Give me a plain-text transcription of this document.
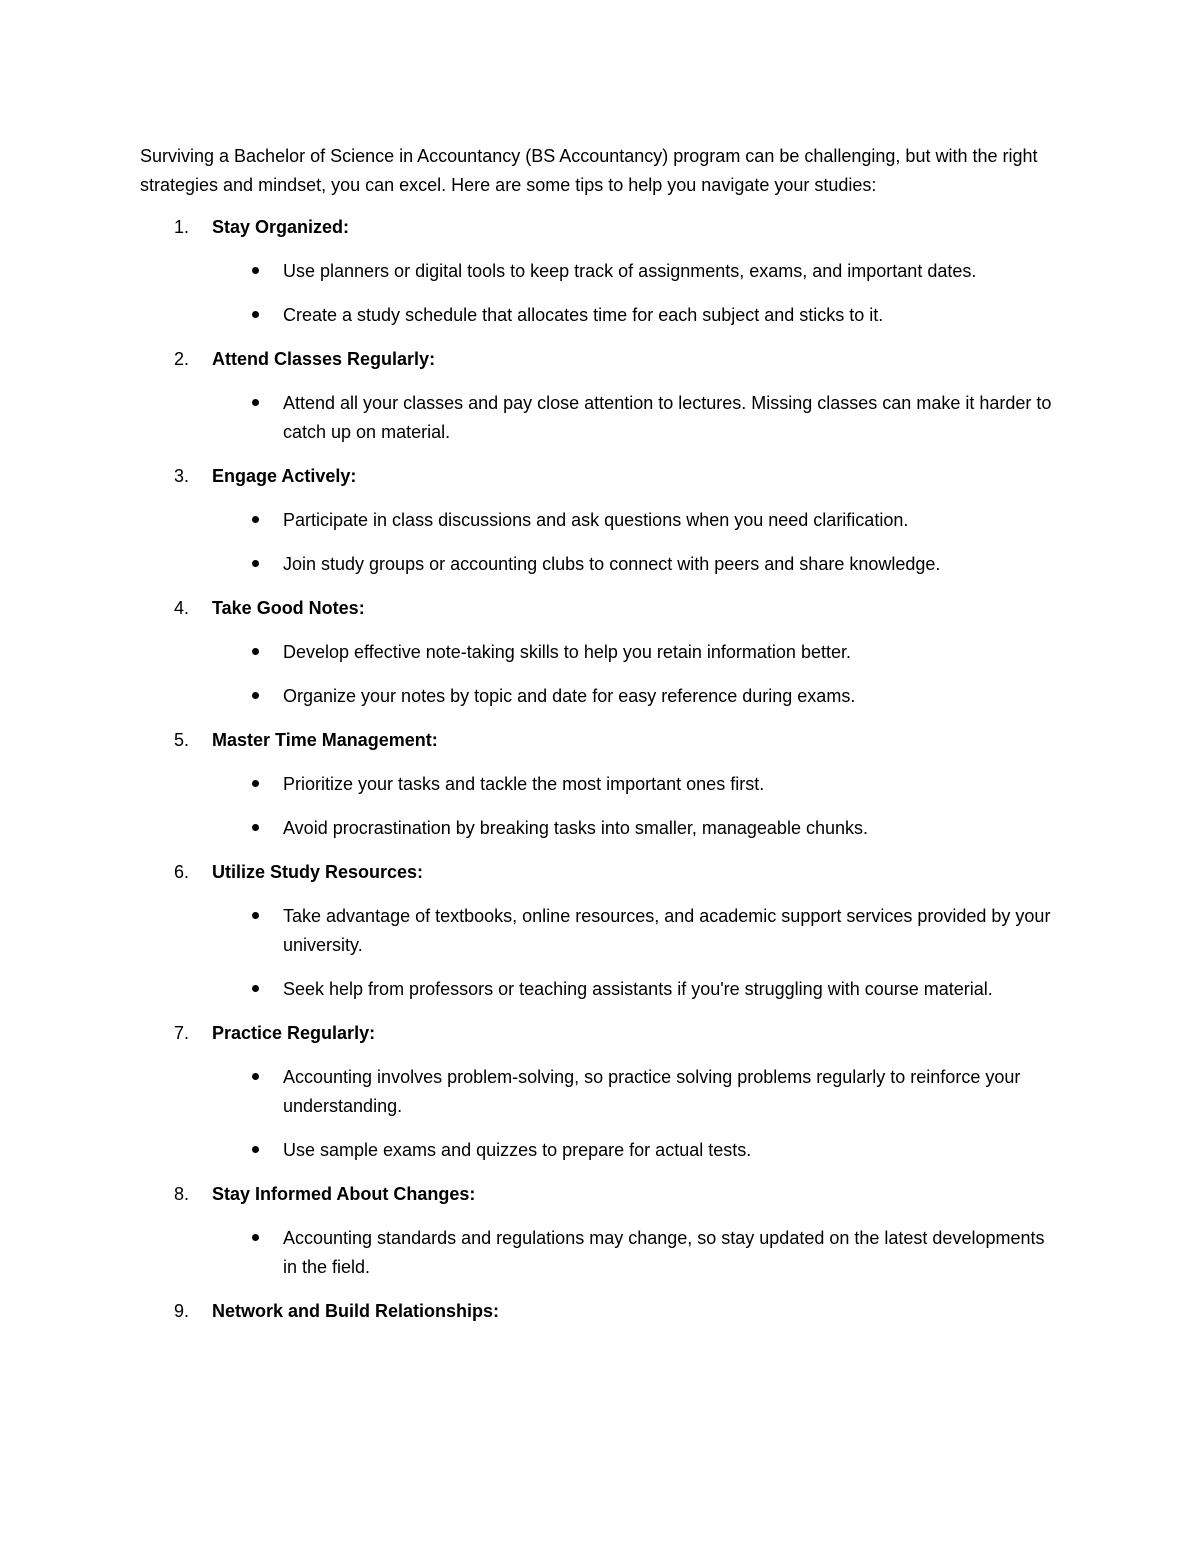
Surviving a Bachelor of Science in Accountancy (BS Accountancy) program can be challenging, but with the right strategies and mindset, you can excel. Here are some tips to help you navigate your studies:

1.	Stay Organized:
Use planners or digital tools to keep track of assignments, exams, and important dates.
Create a study schedule that allocates time for each subject and sticks to it.
2.	Attend Classes Regularly:
Attend all your classes and pay close attention to lectures. Missing classes can make it harder to catch up on material.
3.	Engage Actively:
Participate in class discussions and ask questions when you need clarification.
Join study groups or accounting clubs to connect with peers and share knowledge.
4.	Take Good Notes:
Develop effective note-taking skills to help you retain information better.
Organize your notes by topic and date for easy reference during exams.
5.	Master Time Management:
Prioritize your tasks and tackle the most important ones first.
Avoid procrastination by breaking tasks into smaller, manageable chunks.
6.	Utilize Study Resources:
Take advantage of textbooks, online resources, and academic support services provided by your university.
Seek help from professors or teaching assistants if you're struggling with course material.
7.	Practice Regularly:
Accounting involves problem-solving, so practice solving problems regularly to reinforce your understanding.
Use sample exams and quizzes to prepare for actual tests.
8.	Stay Informed About Changes:
Accounting standards and regulations may change, so stay updated on the latest developments in the field.
9.	Network and Build Relationships:
